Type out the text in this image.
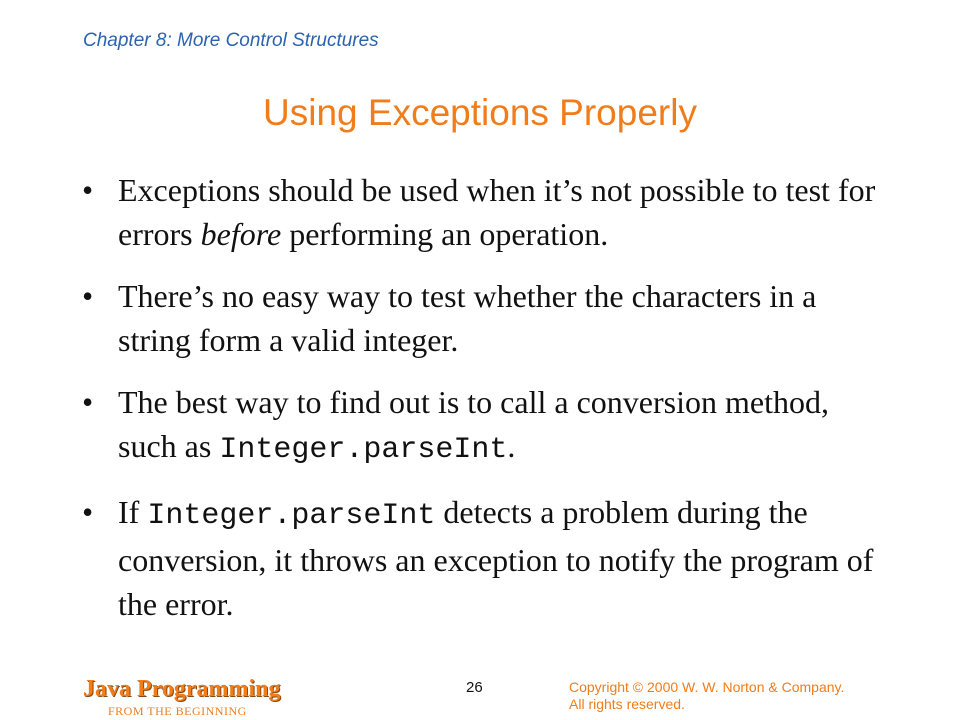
Chapter 8: More Control Structures
Using Exceptions Properly
• Exceptions should be used when it’s not possible to test for errors before performing an operation.
• There’s no easy way to test whether the characters in a string form a valid integer.
• The best way to find out is to call a conversion method, such as Integer.parseInt.
• If Integer.parseInt detects a problem during the conversion, it throws an exception to notify the program of the error.
Java Programming
FROM THE BEGINNING
26	Copyright © 2000 W. W. Norton & Company.
All rights reserved.
